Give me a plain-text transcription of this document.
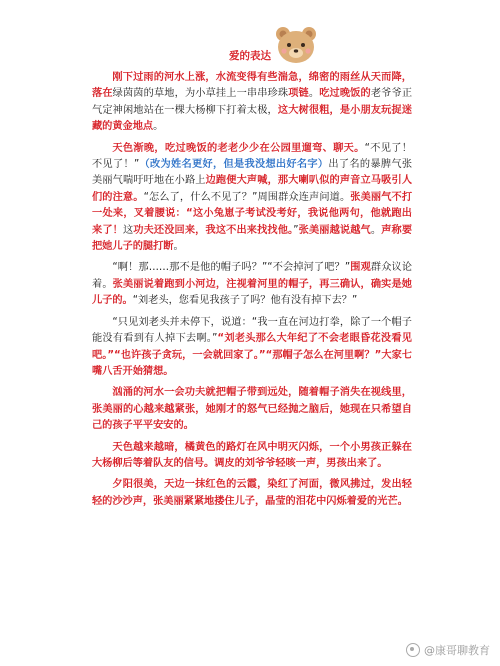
爱的表达

刚下过雨的河水上涨，水流变得有些湍急，绵密的雨丝从天而降，落在绿茵茵的草地，为小草挂上一串串珍珠项链。吃过晚饭的老爷爷正气定神闲地站在一棵大杨柳下打着太极，这大树很粗，是小朋友玩捉迷藏的黄金地点。

天色渐晚，吃过晚饭的老老少少在公园里遛弯、聊天。“不见了！不见了！”（改为姓名更好，但是我没想出好名字）出了名的暴脾气张美丽气喘吁吁地在小路上边跑便大声喊，那大喇叭似的声音立马吸引人们的注意。“怎么了，什么不见了？”周围群众连声问道。张美丽气不打一处来，叉着腰说：“这小兔崽子考试没考好，我说他两句，他就跑出来了！这功夫还没回来，我这不出来找找他。”张美丽越说越气。声称要把她儿子的腿打断。

“啊！那……那不是他的帽子吗？”“不会掉河了吧？”围观群众议论着。张美丽说着跑到小河边，注视着河里的帽子，再三确认，确实是她儿子的。“刘老头，您看见我孩子了吗？他有没有掉下去？”

“只见刘老头并未停下，说道：“我一直在河边打拳，除了一个帽子能没有看到有人掉下去啊。”“刘老头那么大年纪了不会老眼昏花没看见吧。”“也许孩子贪玩，一会就回家了。”“那帽子怎么在河里啊？”大家七嘴八舌开始猜想。

汹涌的河水一会功夫就把帽子带到远处，随着帽子消失在视线里，张美丽的心越来越紧张，她刚才的怒气已经抛之脑后，她现在只希望自己的孩子平平安安的。

天色越来越暗，橘黄色的路灯在风中明灭闪烁，一个小男孩正躲在大杨柳后等着队友的信号。调皮的刘爷爷轻咳一声，男孩出来了。

夕阳很美，天边一抹红色的云霞，染红了河面，微风拂过，发出轻轻的沙沙声，张美丽紧紧地搂住儿子，晶莹的泪花中闪烁着爱的光芒。

@康哥聊教育
